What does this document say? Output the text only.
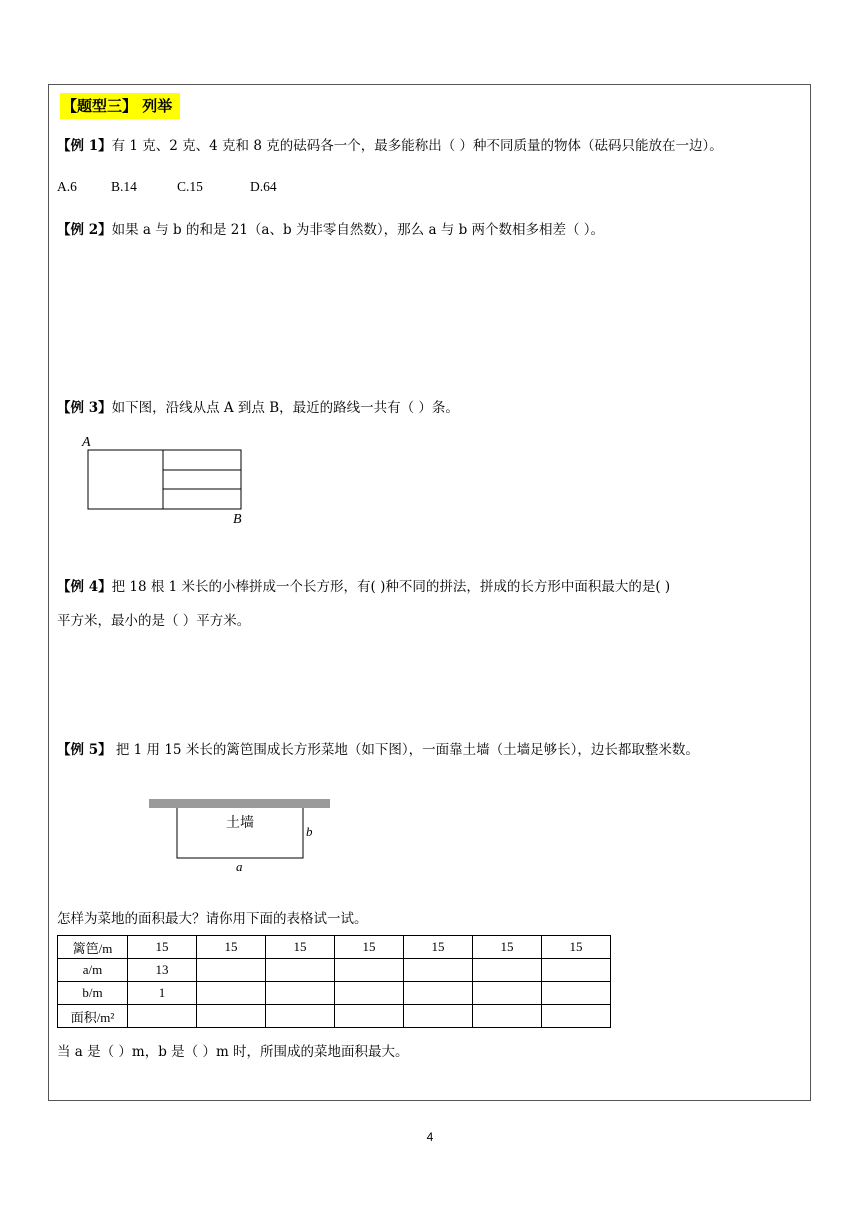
【题型三】 列举
【例 1】有 1 克、2 克、4 克和 8 克的砝码各一个，最多能称出（ ）种不同质量的物体（砝码只能放在一边）。
A.6	B.14	C.15	D.64
【例 2】如果 a 与 b 的和是 21（a、b 为非零自然数），那么 a 与 b 两个数相多相差（ ）。
【例 3】如下图，沿线从点 A 到点 B，最近的路线一共有（ ）条。
A
B
【例 4】把 18 根 1 米长的小棒拼成一个长方形，有( )种不同的拼法，拼成的长方形中面积最大的是( )
平方米，最小的是（ ）平方米。
【例 5】 把 1 用 15 米长的篱笆围成长方形菜地（如下图），一面靠土墙（土墙足够长），边长都取整米数。
土墙
b
a
怎样为菜地的面积最大？请你用下面的表格试一试。
篱笆/m	15	15	15	15	15	15	15
a/m	13						
b/m	1						
面积/m²							
当 a 是（ ）m，b 是（ ）m 时，所围成的菜地面积最大。
4
